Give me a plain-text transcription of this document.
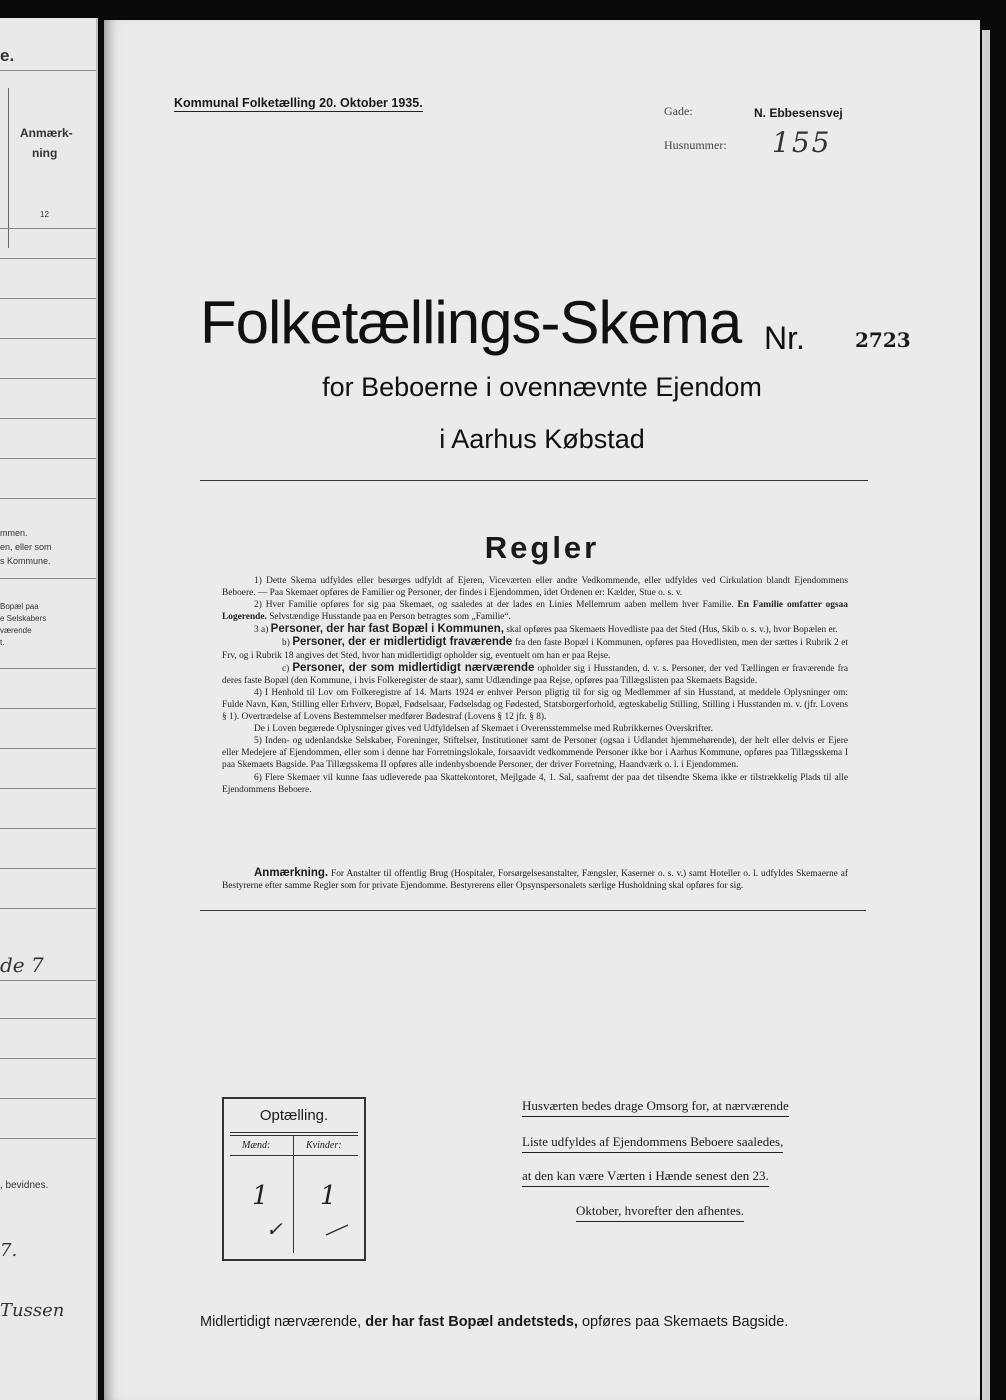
e.
Anmærk-
ning
12
mmen.
en, eller som
s Kommune.
Bopæl paa
e Selskabers
værende
t.
de 7
, bevidnes.
7.
Tussen
Kommunal Folketælling 20. Oktober 1935.
Gade:	N. Ebbesensvej
Husnummer: 155
Folketællings-Skema Nr.	2723
for Beboerne i ovennævnte Ejendom
i Aarhus Købstad
Regler

1) Dette Skema udfyldes eller besørges udfyldt af Ejeren, Viceværten eller andre Vedkommende, eller udfyldes ved Cirkulation blandt Ejendommens Beboere. — Paa Skemaet opføres de Familier og Personer, der findes i Ejendommen, idet Ordenen er: Kælder, Stue o. s. v.

2) Hver Familie opføres for sig paa Skemaet, og saaledes at der lades en Linies Mellemrum aaben mellem hver Familie. En Familie omfatter ogsaa Logerende. Selvstændige Husstande paa en Person betragtes som „Familie“.

3 a) Personer, der har fast Bopæl i Kommunen, skal opføres paa Skemaets Hovedliste paa det Sted (Hus, Skib o. s. v.), hvor Bopælen er.

b) Personer, der er midlertidigt fraværende fra den faste Bopæl i Kommunen, opføres paa Hovedlisten, men der sættes i Rubrik 2 et Frv, og i Rubrik 18 angives det Sted, hvor han midlertidigt opholder sig, eventuelt om han er paa Rejse.

c) Personer, der som midlertidigt nærværende opholder sig i Husstanden, d. v. s. Personer, der ved Tællingen er fraværende fra deres faste Bopæl (den Kommune, i hvis Folkeregister de staar), samt Udlændinge paa Rejse, opføres paa Tillægslisten paa Skemaets Bagside.

4) I Henhold til Lov om Folkeregistre af 14. Marts 1924 er enhver Person pligtig til for sig og Medlemmer af sin Husstand, at meddele Oplysninger om: Fulde Navn, Køn, Stilling eller Erhverv, Bopæl, Fødselsaar, Fødselsdag og Fødested, Statsborgerforhold, ægteskabelig Stilling, Stilling i Husstanden m. v. (jfr. Lovens § 1). Overtrædelse af Lovens Bestemmelser medfører Bødestraf (Lovens § 12 jfr. § 8).

De i Loven begærede Oplysninger gives ved Udfyldelsen af Skemaet i Overensstemmelse med Rubrikkernes Overskrifter.

5) Inden- og udenlandske Selskaber, Foreninger, Stiftelser, Institutioner samt de Personer (ogsaa i Udlandet hjemmehørende), der helt eller delvis er Ejere eller Medejere af Ejendommen, eller som i denne har Forretningslokale, forsaavidt vedkommende Personer ikke bor i Aarhus Kommune, opføres paa Tillægsskema I paa Skemaets Bagside. Paa Tillægsskema II opføres alle indenbysboende Personer, der driver Forretning, Haandværk o. l. i Ejendommen.

6) Flere Skemaer vil kunne faas udleverede paa Skattekontoret, Mejlgade 4, 1. Sal, saafremt der paa det tilsendte Skema ikke er tilstrækkelig Plads til alle Ejendommens Beboere.

Anmærkning. For Anstalter til offentlig Brug (Hospitaler, Forsørgelsesanstalter, Fængsler, Kaserner o. s. v.) samt Hoteller o. l. udfyldes Skemaerne af Bestyrerne efter samme Regler som for private Ejendomme. Bestyrerens eller Opsynspersonalets særlige Husholdning skal opføres for sig.

Optælling.
Mænd:	Kvinder:
1 1
✓
Husværten bedes drage Omsorg for, at nærværende
Liste udfyldes af Ejendommens Beboere saaledes,
at den kan være Værten i Hænde senest den 23.
Oktober, hvorefter den afhentes.
Midlertidigt nærværende, der har fast Bopæl andetsteds, opføres paa Skemaets Bagside.
